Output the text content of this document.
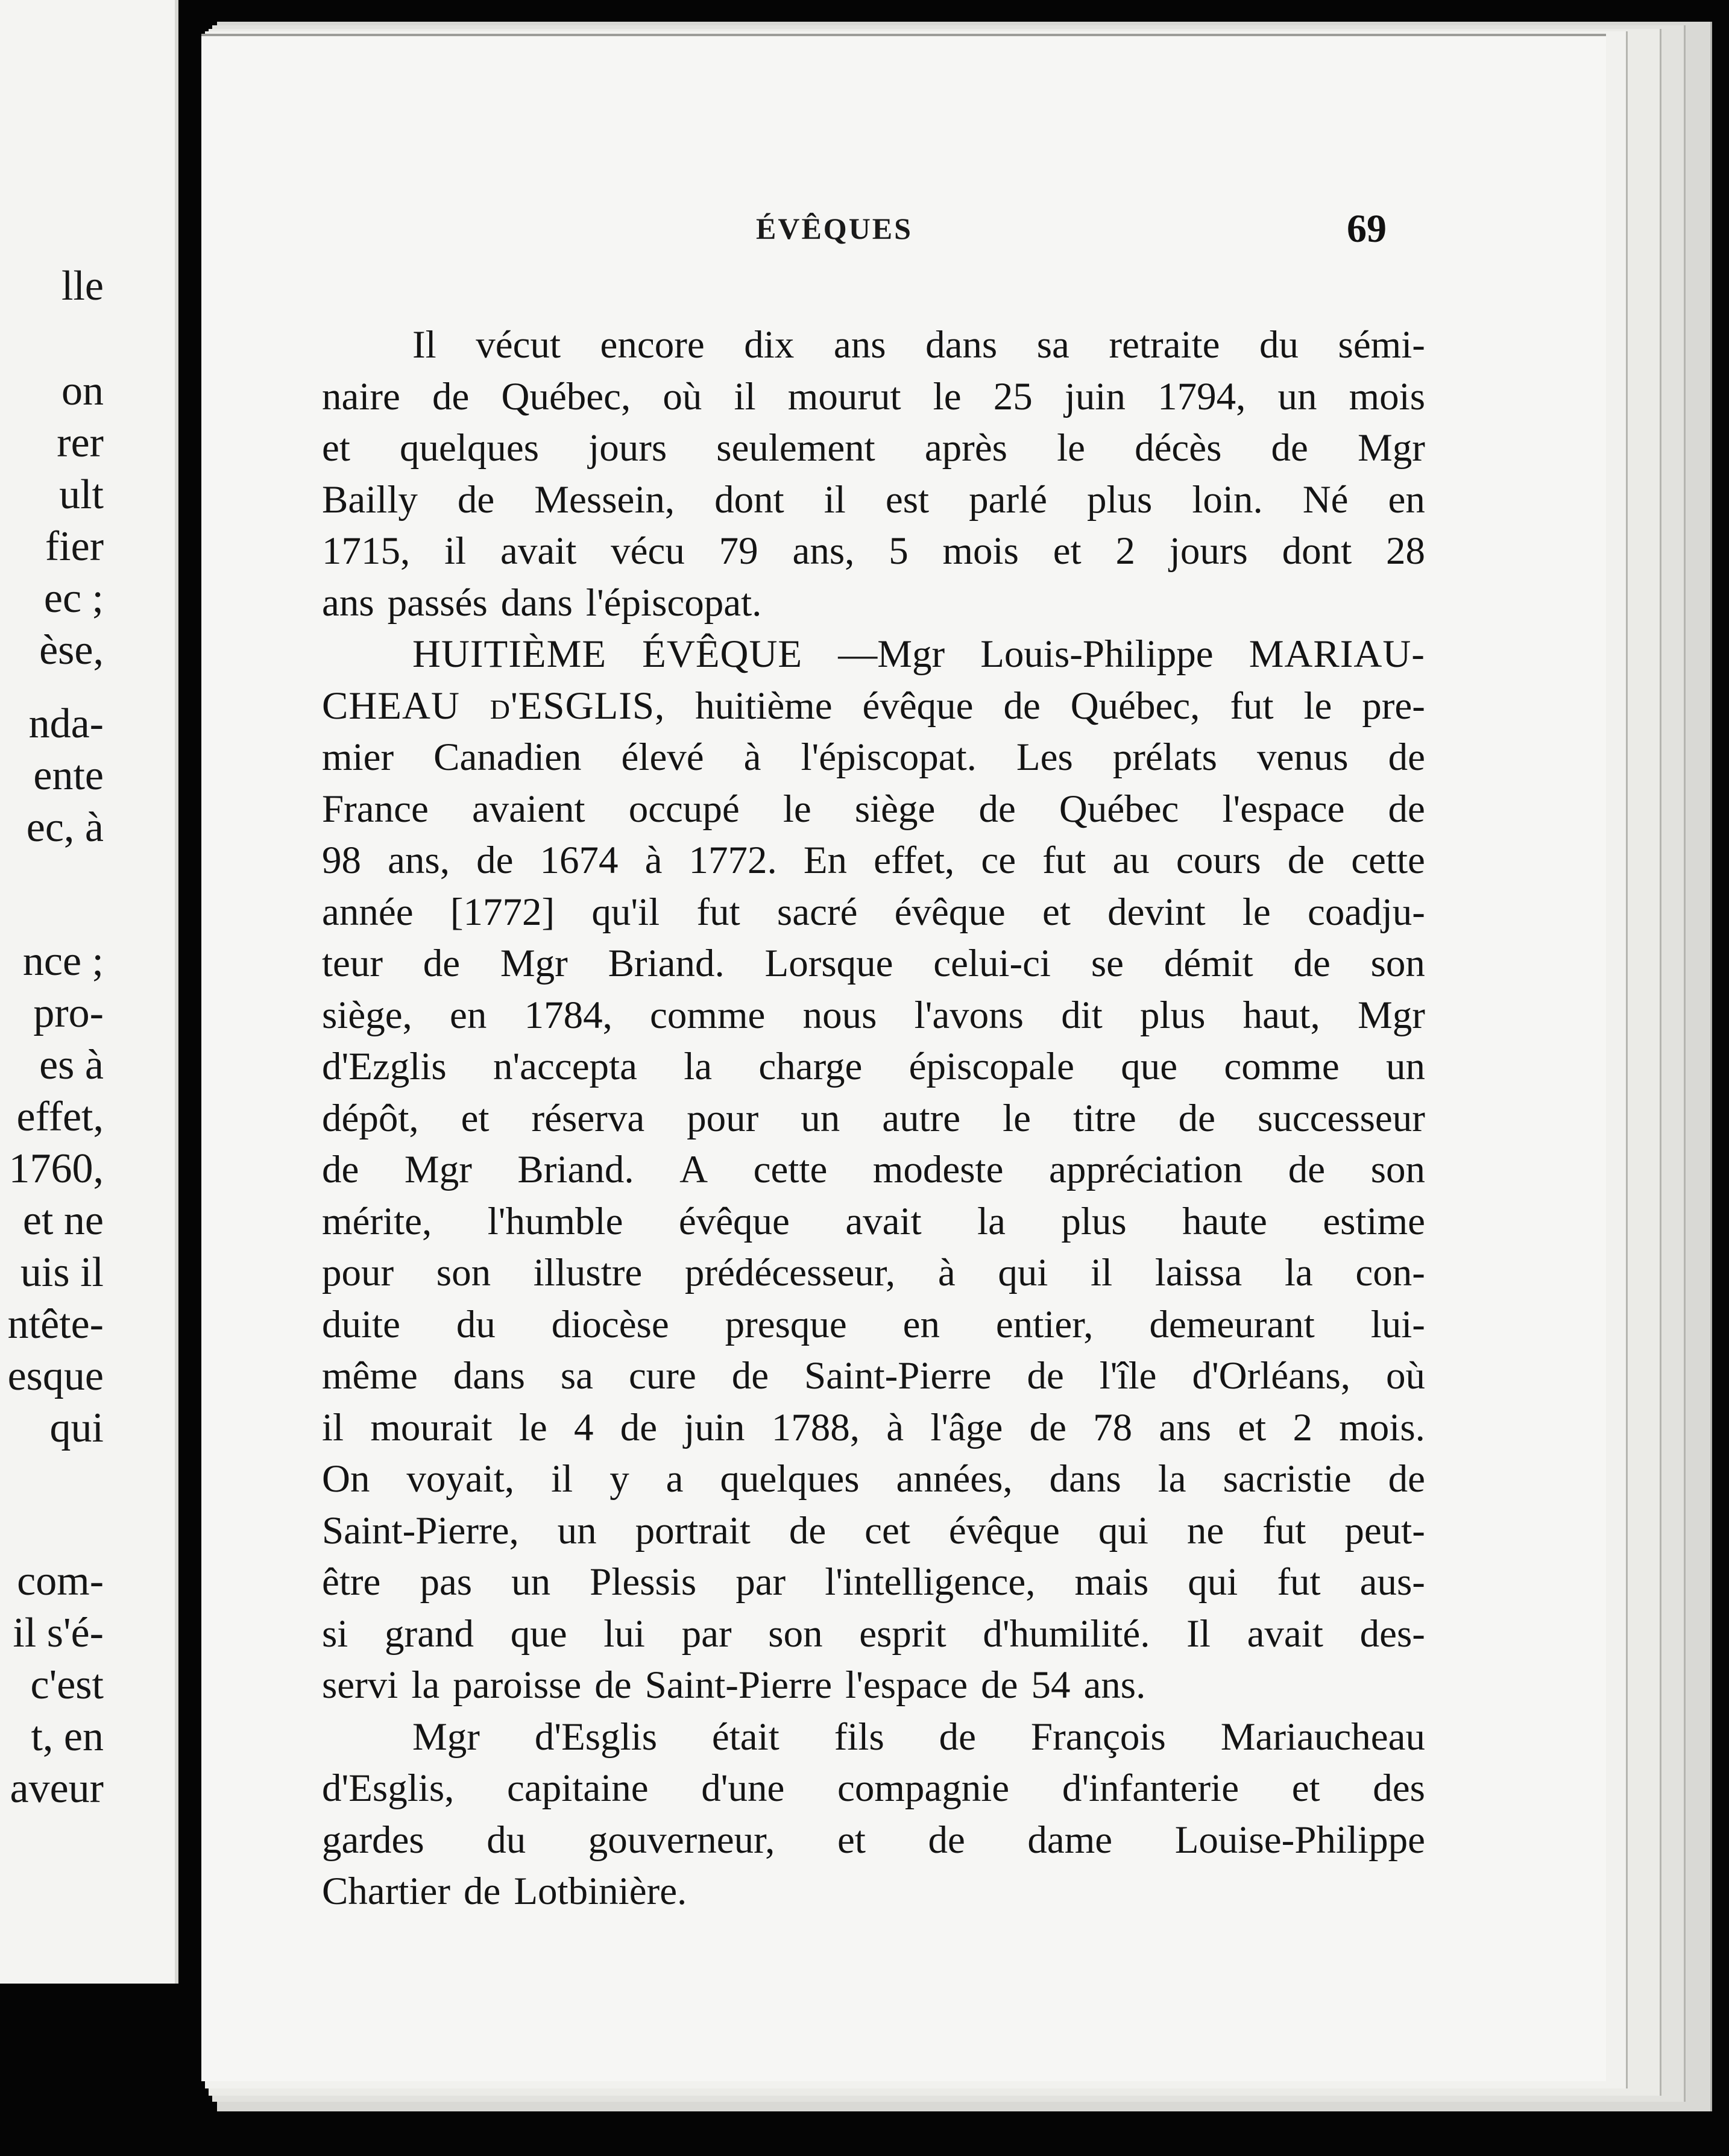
lle

on

rer

ult

fier

ec ;

èse,

nda-

ente

ec, à

nce ;

pro-

es à

effet,

1760,

et ne

uis il

ntête-

esque

qui

com-

il s'é-

c'est

t, en

aveur

ÉVÊQUES	69

Il vécut encore dix ans dans sa retraite du sémi-
naire de Québec, où il mourut le 25 juin 1794, un mois
et quelques jours seulement après le décès de Mgr
Bailly de Messein, dont il est parlé plus loin. Né en
1715, il avait vécu 79 ans, 5 mois et 2 jours dont 28
ans passés dans l'épiscopat.
HUITIÈME ÉVÊQUE —Mgr Louis-Philippe MARIAU-
CHEAU d'ESGLIS, huitième évêque de Québec, fut le pre-
mier Canadien élevé à l'épiscopat. Les prélats venus de
France avaient occupé le siège de Québec l'espace de
98 ans, de 1674 à 1772. En effet, ce fut au cours de cette
année [1772] qu'il fut sacré évêque et devint le coadju-
teur de Mgr Briand. Lorsque celui-ci se démit de son
siège, en 1784, comme nous l'avons dit plus haut, Mgr
d'Ezglis n'accepta la charge épiscopale que comme un
dépôt, et réserva pour un autre le titre de successeur
de Mgr Briand. A cette modeste appréciation de son
mérite, l'humble évêque avait la plus haute estime
pour son illustre prédécesseur, à qui il laissa la con-
duite du diocèse presque en entier, demeurant lui-
même dans sa cure de Saint-Pierre de l'île d'Orléans, où
il mourait le 4 de juin 1788, à l'âge de 78 ans et 2 mois.
On voyait, il y a quelques années, dans la sacristie de
Saint-Pierre, un portrait de cet évêque qui ne fut peut-
être pas un Plessis par l'intelligence, mais qui fut aus-
si grand que lui par son esprit d'humilité. Il avait des-
servi la paroisse de Saint-Pierre l'espace de 54 ans.
Mgr d'Esglis était fils de François Mariaucheau
d'Esglis, capitaine d'une compagnie d'infanterie et des
gardes du gouverneur, et de dame Louise-Philippe
Chartier de Lotbinière.
